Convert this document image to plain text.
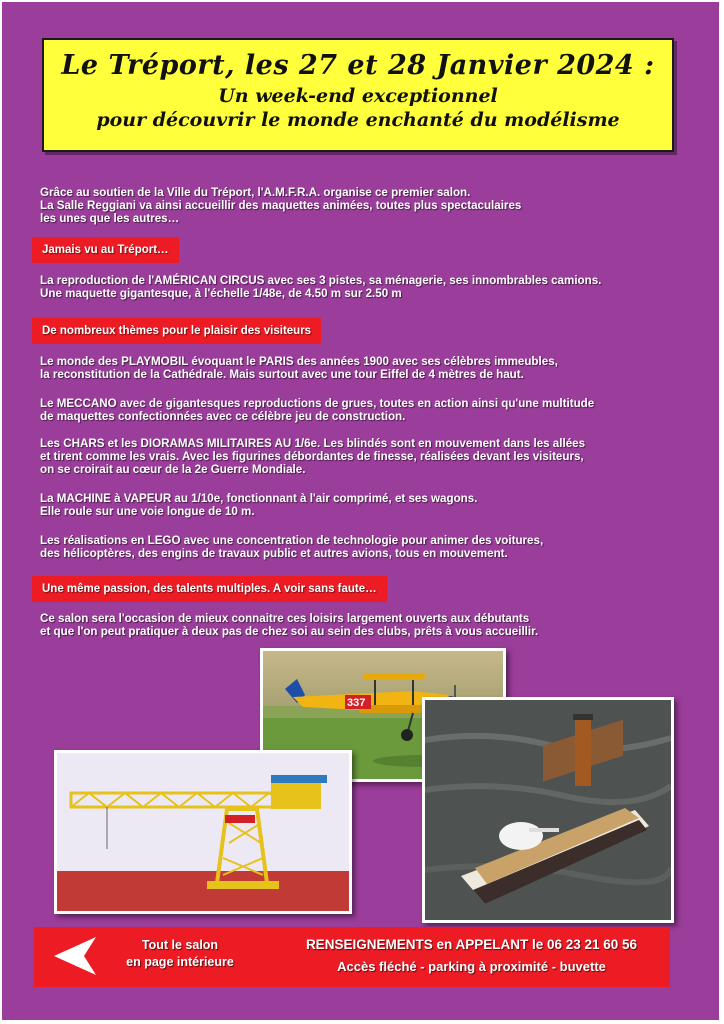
Le Tréport, les 27 et 28 Janvier 2024 :
Un week-end exceptionnel
pour découvrir le monde enchanté du modélisme
Grâce au soutien de la Ville du Tréport, l'A.M.F.R.A. organise ce premier salon.
La Salle Reggiani va ainsi accueillir des maquettes animées, toutes plus spectaculaires
les unes que les autres…
Jamais vu au Tréport…
La reproduction de l'AMÉRICAN CIRCUS avec ses 3 pistes, sa ménagerie, ses innombrables camions.
Une maquette gigantesque, à l'échelle 1/48e, de 4.50 m sur 2.50 m
De nombreux thèmes pour le plaisir des visiteurs
Le monde des PLAYMOBIL évoquant le PARIS des années 1900 avec ses célèbres immeubles,
la reconstitution de la Cathédrale. Mais surtout avec une tour Eiffel de 4 mètres de haut.
Le MECCANO avec de gigantesques reproductions de grues, toutes en action ainsi qu'une multitude
de maquettes confectionnées avec ce célèbre jeu de construction.
Les CHARS et les DIORAMAS MILITAIRES AU 1/6e. Les blindés sont en mouvement dans les allées
et tirent comme les vrais. Avec les figurines débordantes de finesse, réalisées devant les visiteurs,
on se croirait au cœur de la 2e Guerre Mondiale.
La MACHINE à VAPEUR au 1/10e, fonctionnant à l'air comprimé, et ses wagons.
Elle roule sur une voie longue de 10 m.
Les réalisations en LEGO avec une concentration de technologie pour animer des voitures,
des hélicoptères, des engins de travaux public et autres avions, tous en mouvement.
Une même passion, des talents multiples. A voir sans faute…
Ce salon sera l'occasion de mieux connaitre ces loisirs largement ouverts aux débutants
et que l'on peut pratiquer à deux pas de chez soi au sein des clubs, prêts à vous accueillir.
337
Tout le salon
en page intérieure
RENSEIGNEMENTS en APPELANT le 06 23 21 60 56
Accès fléché - parking à proximité - buvette
